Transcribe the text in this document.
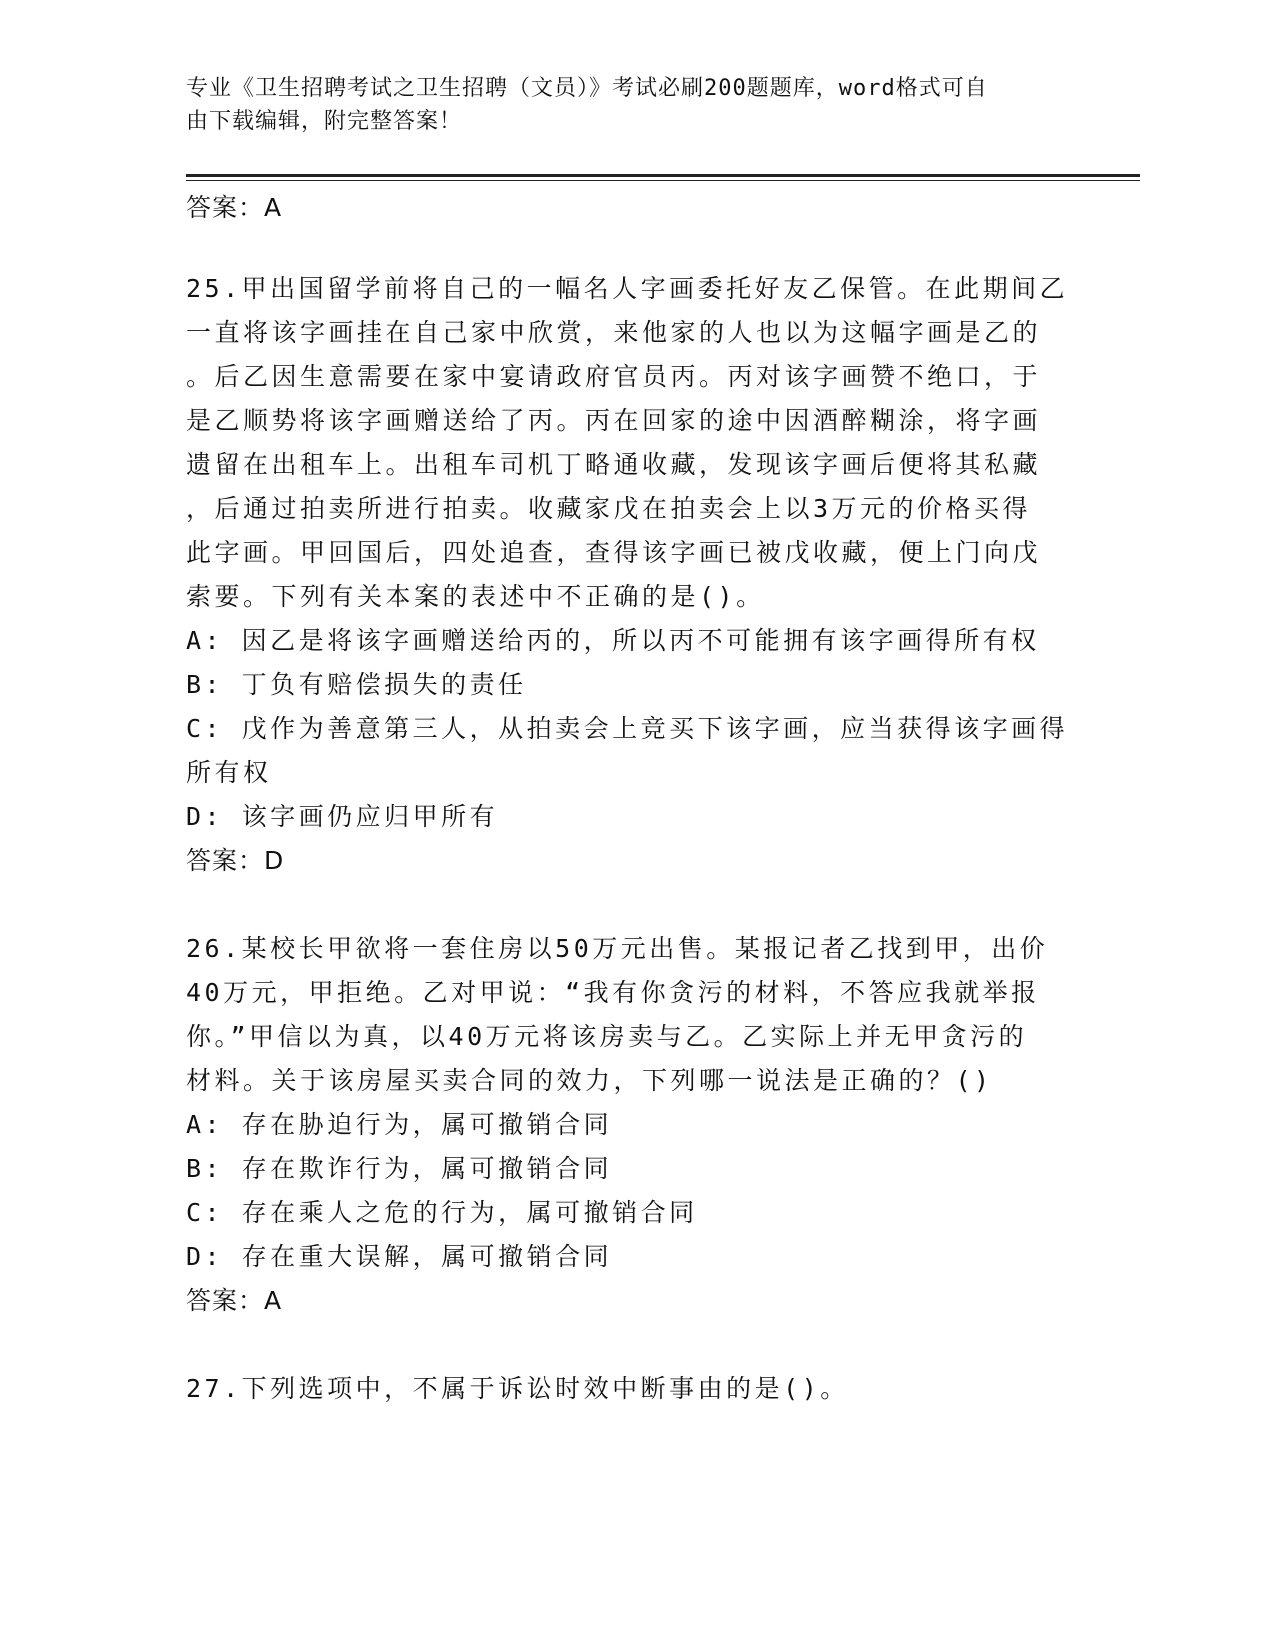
专业《卫生招聘考试之卫生招聘（文员）》考试必刷200题题库，word格式可自
由下载编辑，附完整答案！
答案：A
25.甲出国留学前将自己的一幅名人字画委托好友乙保管。在此期间乙
一直将该字画挂在自己家中欣赏，来他家的人也以为这幅字画是乙的
。后乙因生意需要在家中宴请政府官员丙。丙对该字画赞不绝口，于
是乙顺势将该字画赠送给了丙。丙在回家的途中因酒醉糊涂，将字画
遗留在出租车上。出租车司机丁略通收藏，发现该字画后便将其私藏
，后通过拍卖所进行拍卖。收藏家戊在拍卖会上以3万元的价格买得
此字画。甲回国后，四处追查，查得该字画已被戊收藏，便上门向戊
索要。下列有关本案的表述中不正确的是()。
A: 因乙是将该字画赠送给丙的，所以丙不可能拥有该字画得所有权
B: 丁负有赔偿损失的责任
C: 戊作为善意第三人，从拍卖会上竞买下该字画，应当获得该字画得
所有权
D: 该字画仍应归甲所有
答案：D
26.某校长甲欲将一套住房以50万元出售。某报记者乙找到甲，出价
40万元，甲拒绝。乙对甲说：“我有你贪污的材料，不答应我就举报
你。”甲信以为真，以40万元将该房卖与乙。乙实际上并无甲贪污的
材料。关于该房屋买卖合同的效力，下列哪一说法是正确的？()
A: 存在胁迫行为，属可撤销合同
B: 存在欺诈行为，属可撤销合同
C: 存在乘人之危的行为，属可撤销合同
D: 存在重大误解，属可撤销合同
答案：A
27.下列选项中，不属于诉讼时效中断事由的是()。
